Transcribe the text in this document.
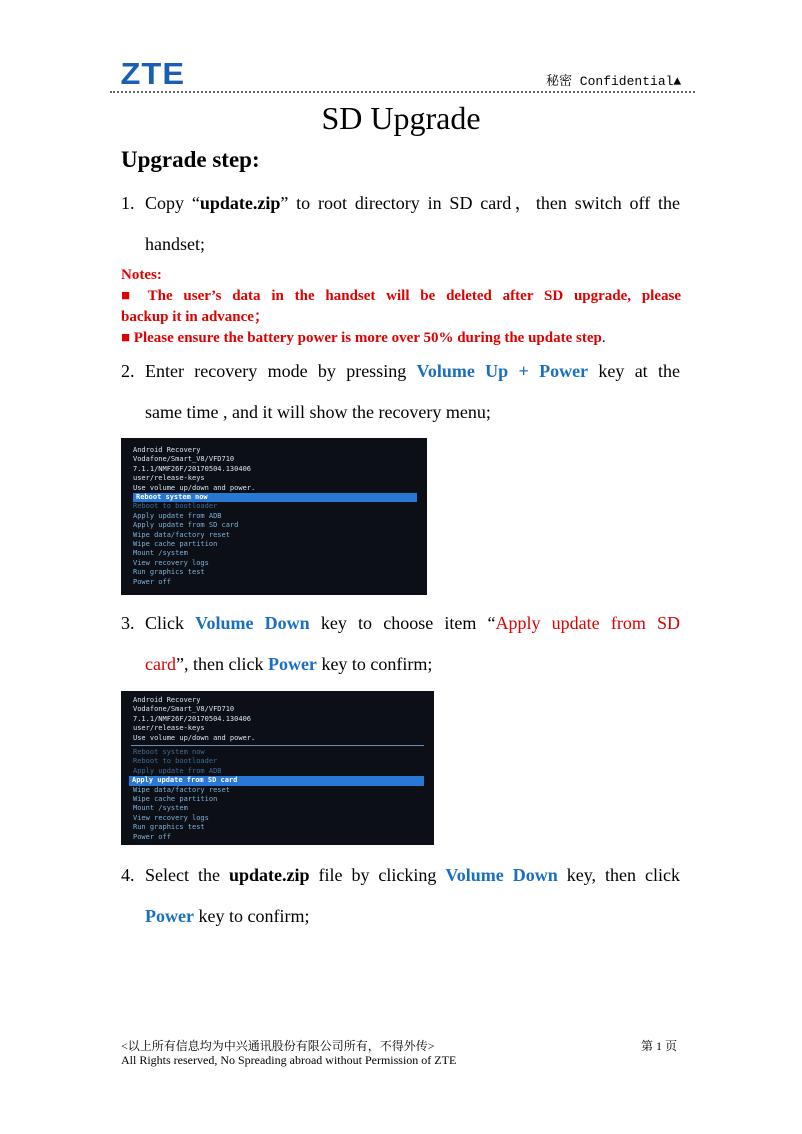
ZTE	秘密 Confidential▲
SD Upgrade
Upgrade step:
1. Copy “update.zip” to root directory in SD card，then switch off the
handset;
Notes:
■ The user’s data in the handset will be deleted after SD upgrade, please
backup it in advance；
■ Please ensure the battery power is more over 50% during the update step.
2. Enter recovery mode by pressing Volume Up + Power key at the
same time , and it will show the recovery menu;
Android Recovery
Vodafone/Smart_V8/VFD710
7.1.1/NMF26F/20170504.130406
user/release-keys
Use volume up/down and power.
Reboot system now
Reboot to bootloader
Apply update from ADB
Apply update from SD card
Wipe data/factory reset
Wipe cache partition
Mount /system
View recovery logs
Run graphics test
Power off
3. Click Volume Down key to choose item “Apply update from SD
card”, then click Power key to confirm;
Android Recovery
Vodafone/Smart_V8/VFD710
7.1.1/NMF26F/20170504.130406
user/release-keys
Use volume up/down and power.
Reboot system now
Reboot to bootloader
Apply update from ADB
Apply update from SD card
Wipe data/factory reset
Wipe cache partition
Mount /system
View recovery logs
Run graphics test
Power off
4. Select the update.zip file by clicking Volume Down key, then click
Power key to confirm;
<以上所有信息均为中兴通讯股份有限公司所有，不得外传>
All Rights reserved, No Spreading abroad without Permission of ZTE
第 1 页
